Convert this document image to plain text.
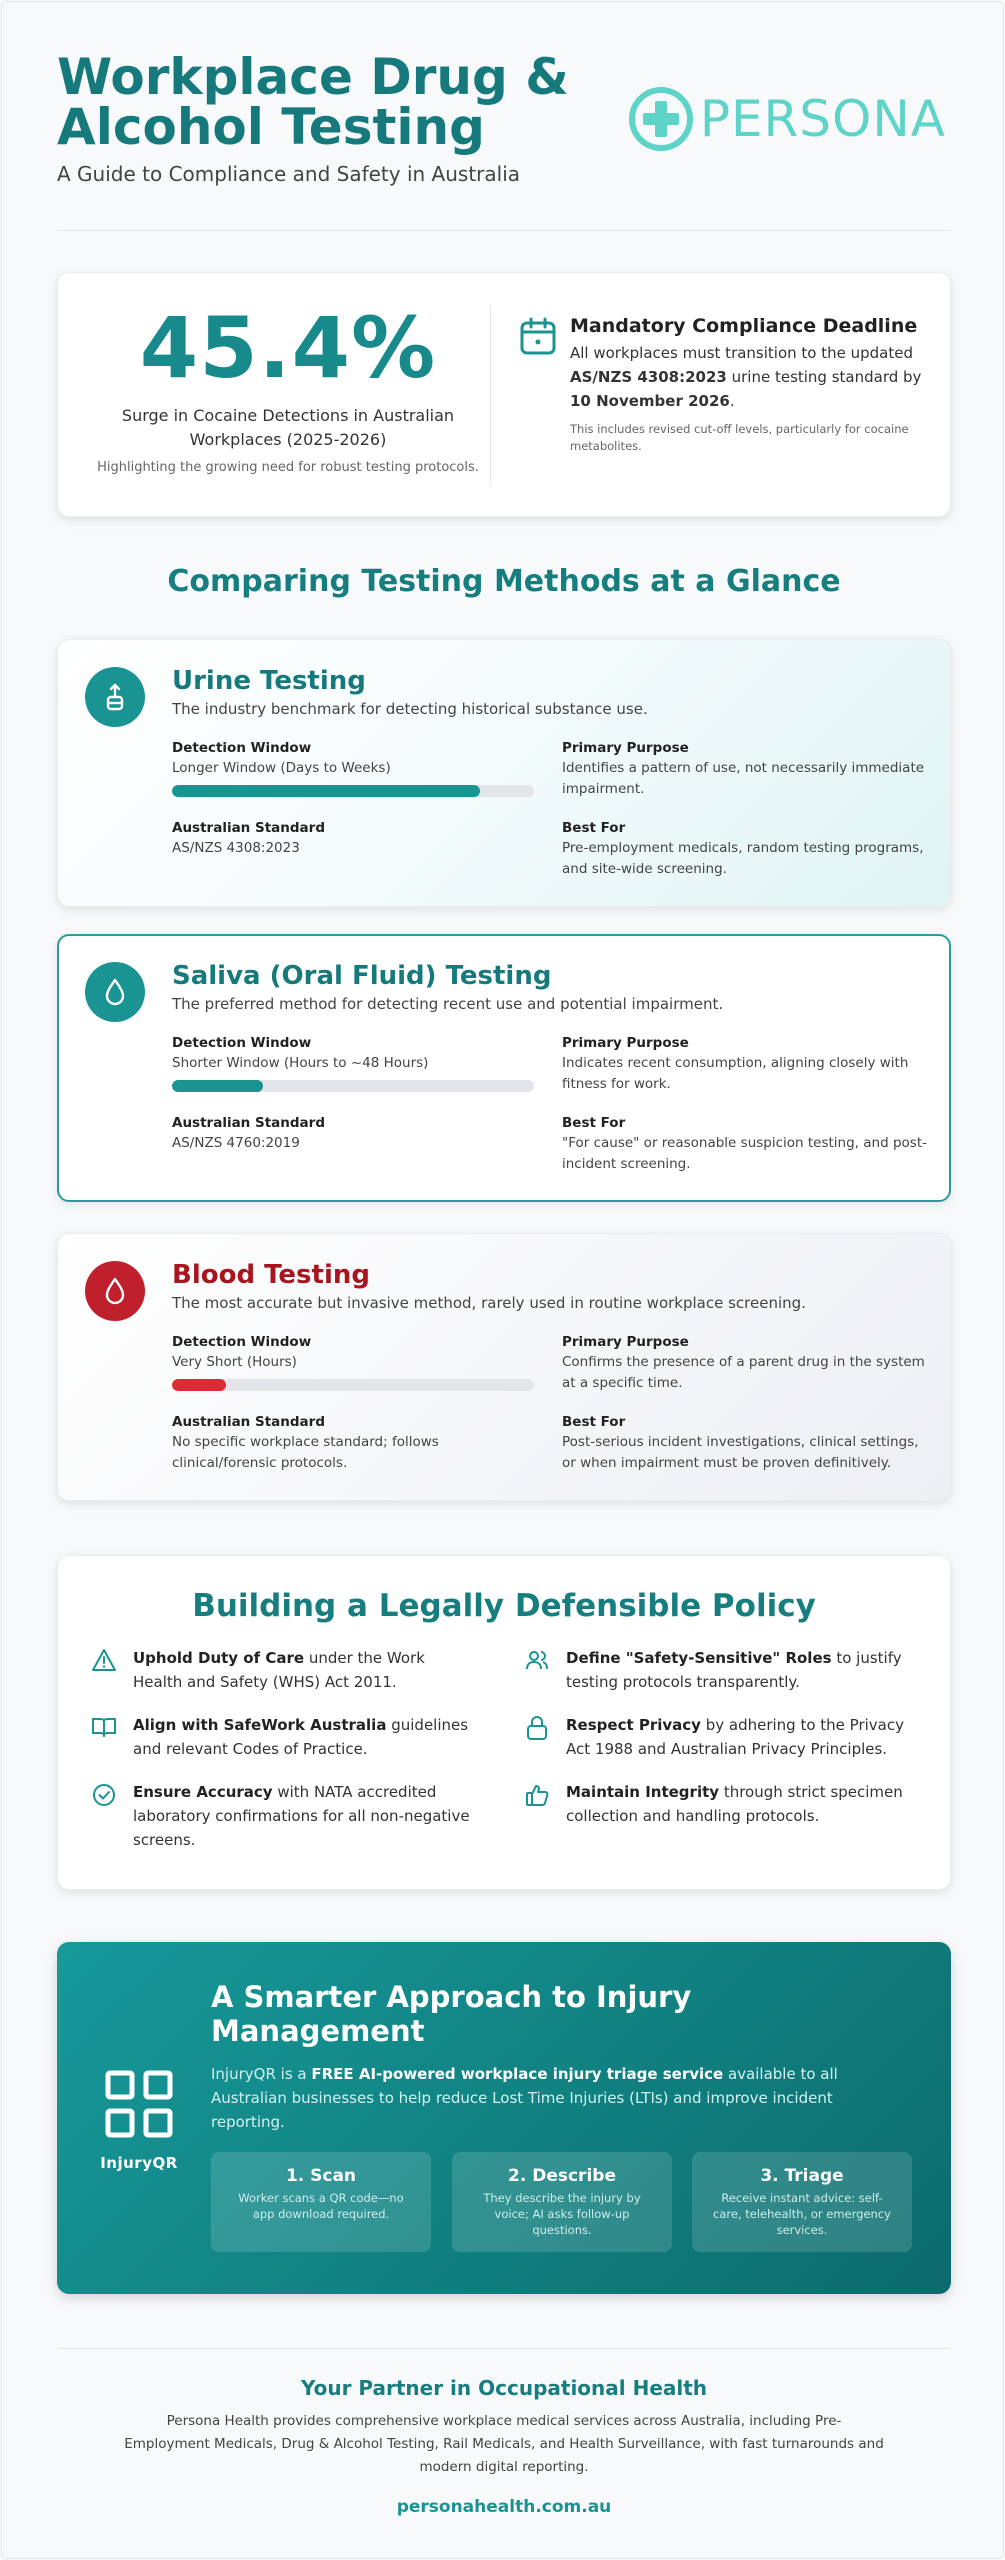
Workplace Drug & Alcohol Testing
A Guide to Compliance and Safety in Australia
PERSONA
45.4%
Surge in Cocaine Detections in Australian Workplaces (2025-2026)
Highlighting the growing need for robust testing protocols.
Mandatory Compliance Deadline
All workplaces must transition to the updated AS/NZS 4308:2023 urine testing standard by 10 November 2026.
This includes revised cut-off levels, particularly for cocaine metabolites.
Comparing Testing Methods at a Glance
Urine Testing
The industry benchmark for detecting historical substance use.
Detection Window
Longer Window (Days to Weeks)
Primary Purpose
Identifies a pattern of use, not necessarily immediate impairment.
Australian Standard
AS/NZS 4308:2023
Best For
Pre-employment medicals, random testing programs, and site-wide screening.
Saliva (Oral Fluid) Testing
The preferred method for detecting recent use and potential impairment.
Detection Window
Shorter Window (Hours to ~48 Hours)
Primary Purpose
Indicates recent consumption, aligning closely with fitness for work.
Australian Standard
AS/NZS 4760:2019
Best For
"For cause" or reasonable suspicion testing, and post-incident screening.
Blood Testing
The most accurate but invasive method, rarely used in routine workplace screening.
Detection Window
Very Short (Hours)
Primary Purpose
Confirms the presence of a parent drug in the system at a specific time.
Australian Standard
No specific workplace standard; follows clinical/forensic protocols.
Best For
Post-serious incident investigations, clinical settings, or when impairment must be proven definitively.
Building a Legally Defensible Policy
Uphold Duty of Care under the Work Health and Safety (WHS) Act 2011.
Define "Safety-Sensitive" Roles to justify testing protocols transparently.
Align with SafeWork Australia guidelines and relevant Codes of Practice.
Respect Privacy by adhering to the Privacy Act 1988 and Australian Privacy Principles.
Ensure Accuracy with NATA accredited laboratory confirmations for all non-negative screens.
Maintain Integrity through strict specimen collection and handling protocols.
InjuryQR
A Smarter Approach to Injury Management
InjuryQR is a FREE AI-powered workplace injury triage service available to all Australian businesses to help reduce Lost Time Injuries (LTIs) and improve incident reporting.
1. Scan
Worker scans a QR code—no app download required.
2. Describe
They describe the injury by voice; AI asks follow-up questions.
3. Triage
Receive instant advice: self-care, telehealth, or emergency services.
Your Partner in Occupational Health

Persona Health provides comprehensive workplace medical services across Australia, including Pre-Employment Medicals, Drug & Alcohol Testing, Rail Medicals, and Health Surveillance, with fast turnarounds and modern digital reporting.

personahealth.com.au
